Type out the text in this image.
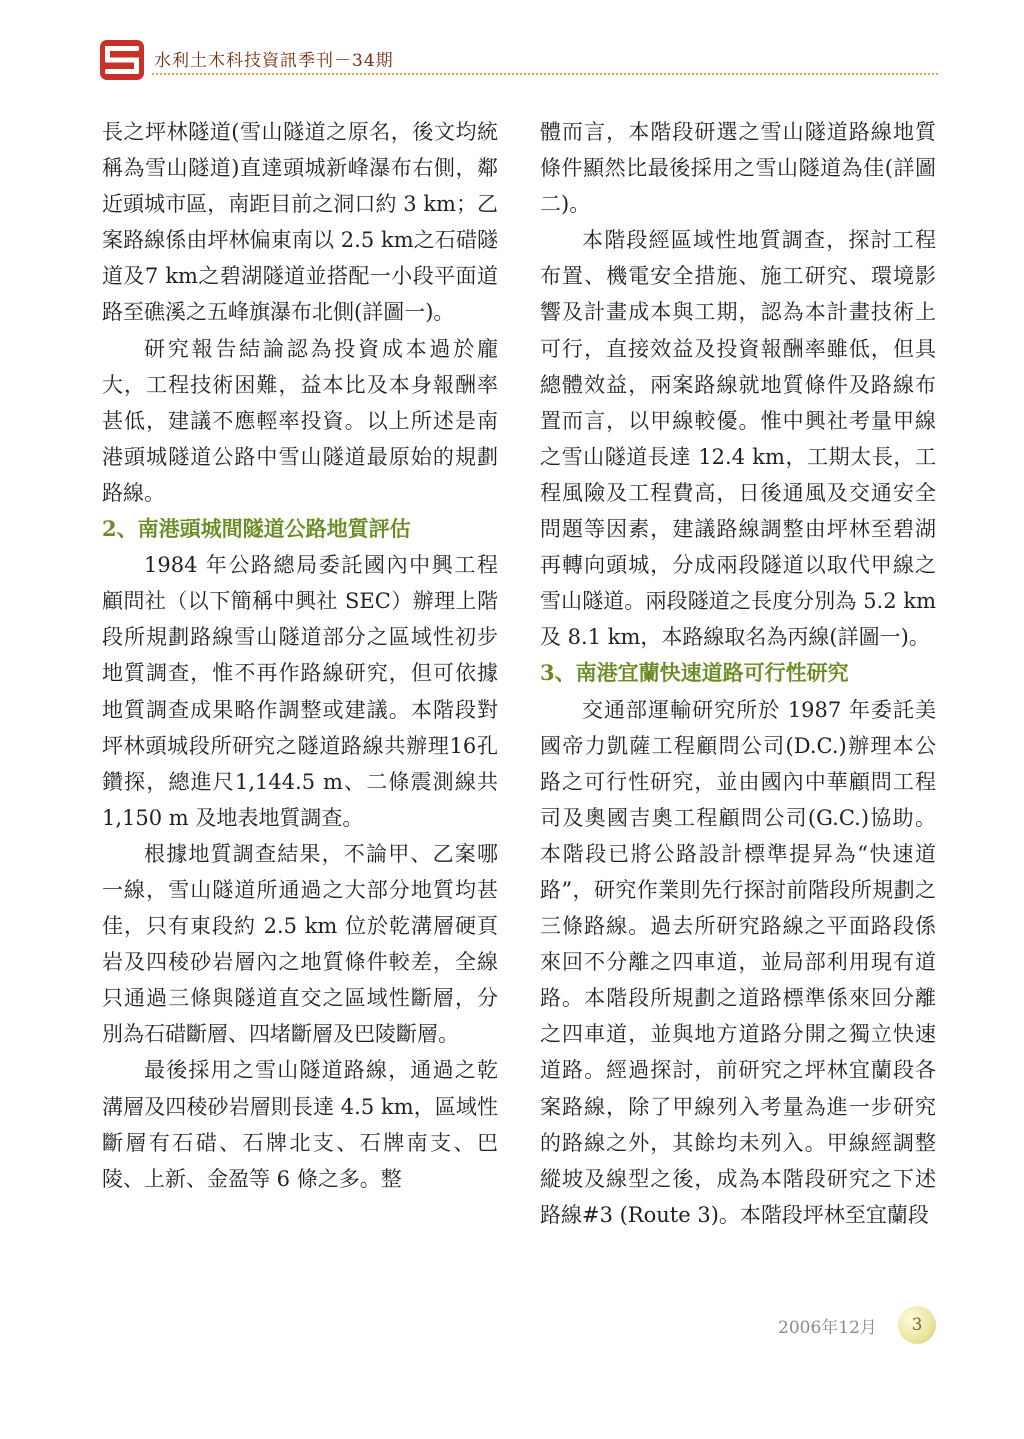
水利土木科技資訊季刊－34期

長之坪林隧道(雪山隧道之原名，後文均統稱為雪山隧道)直達頭城新峰瀑布右側，鄰近頭城市區，南距目前之洞口約 3 km；乙案路線係由坪林偏東南以 2.5 km之石碏隧道及7 km之碧湖隧道並搭配一小段平面道路至礁溪之五峰旗瀑布北側(詳圖一)。

研究報告結論認為投資成本過於龐大，工程技術困難，益本比及本身報酬率甚低，建議不應輕率投資。以上所述是南港頭城隧道公路中雪山隧道最原始的規劃路線。

2、南港頭城間隧道公路地質評估

1984 年公路總局委託國內中興工程顧問社（以下簡稱中興社 SEC）辦理上階段所規劃路線雪山隧道部分之區域性初步地質調查，惟不再作路線研究，但可依據地質調查成果略作調整或建議。本階段對坪林頭城段所研究之隧道路線共辦理16孔鑽探，總進尺1,144.5 m、二條震測線共 1,150 m 及地表地質調查。

根據地質調查結果，不論甲、乙案哪一線，雪山隧道所通過之大部分地質均甚佳，只有東段約 2.5 km 位於乾溝層硬頁岩及四稜砂岩層內之地質條件較差，全線只通過三條與隧道直交之區域性斷層，分別為石碏斷層、四堵斷層及巴陵斷層。

最後採用之雪山隧道路線，通過之乾溝層及四稜砂岩層則長達 4.5 km，區域性斷層有石碏、石牌北支、石牌南支、巴陵、上新、金盈等 6 條之多。整

體而言，本階段研選之雪山隧道路線地質條件顯然比最後採用之雪山隧道為佳(詳圖二)。

本階段經區域性地質調查，探討工程布置、機電安全措施、施工研究、環境影響及計畫成本與工期，認為本計畫技術上可行，直接效益及投資報酬率雖低，但具總體效益，兩案路線就地質條件及路線布置而言，以甲線較優。惟中興社考量甲線之雪山隧道長達 12.4 km，工期太長，工程風險及工程費高，日後通風及交通安全問題等因素，建議路線調整由坪林至碧湖再轉向頭城，分成兩段隧道以取代甲線之雪山隧道。兩段隧道之長度分別為 5.2 km 及 8.1 km，本路線取名為丙線(詳圖一)。

3、南港宜蘭快速道路可行性研究

交通部運輸研究所於 1987 年委託美國帝力凱薩工程顧問公司(D.C.)辦理本公路之可行性研究，並由國內中華顧問工程司及奧國吉奧工程顧問公司(G.C.)協助。本階段已將公路設計標準提昇為“快速道路”，研究作業則先行探討前階段所規劃之三條路線。過去所研究路線之平面路段係來回不分離之四車道，並局部利用現有道路。本階段所規劃之道路標準係來回分離之四車道，並與地方道路分開之獨立快速道路。經過探討，前研究之坪林宜蘭段各案路線，除了甲線列入考量為進一步研究的路線之外，其餘均未列入。甲線經調整縱坡及線型之後，成為本階段研究之下述路線#3 (Route 3)。本階段坪林至宜蘭段

2006年12月	3
